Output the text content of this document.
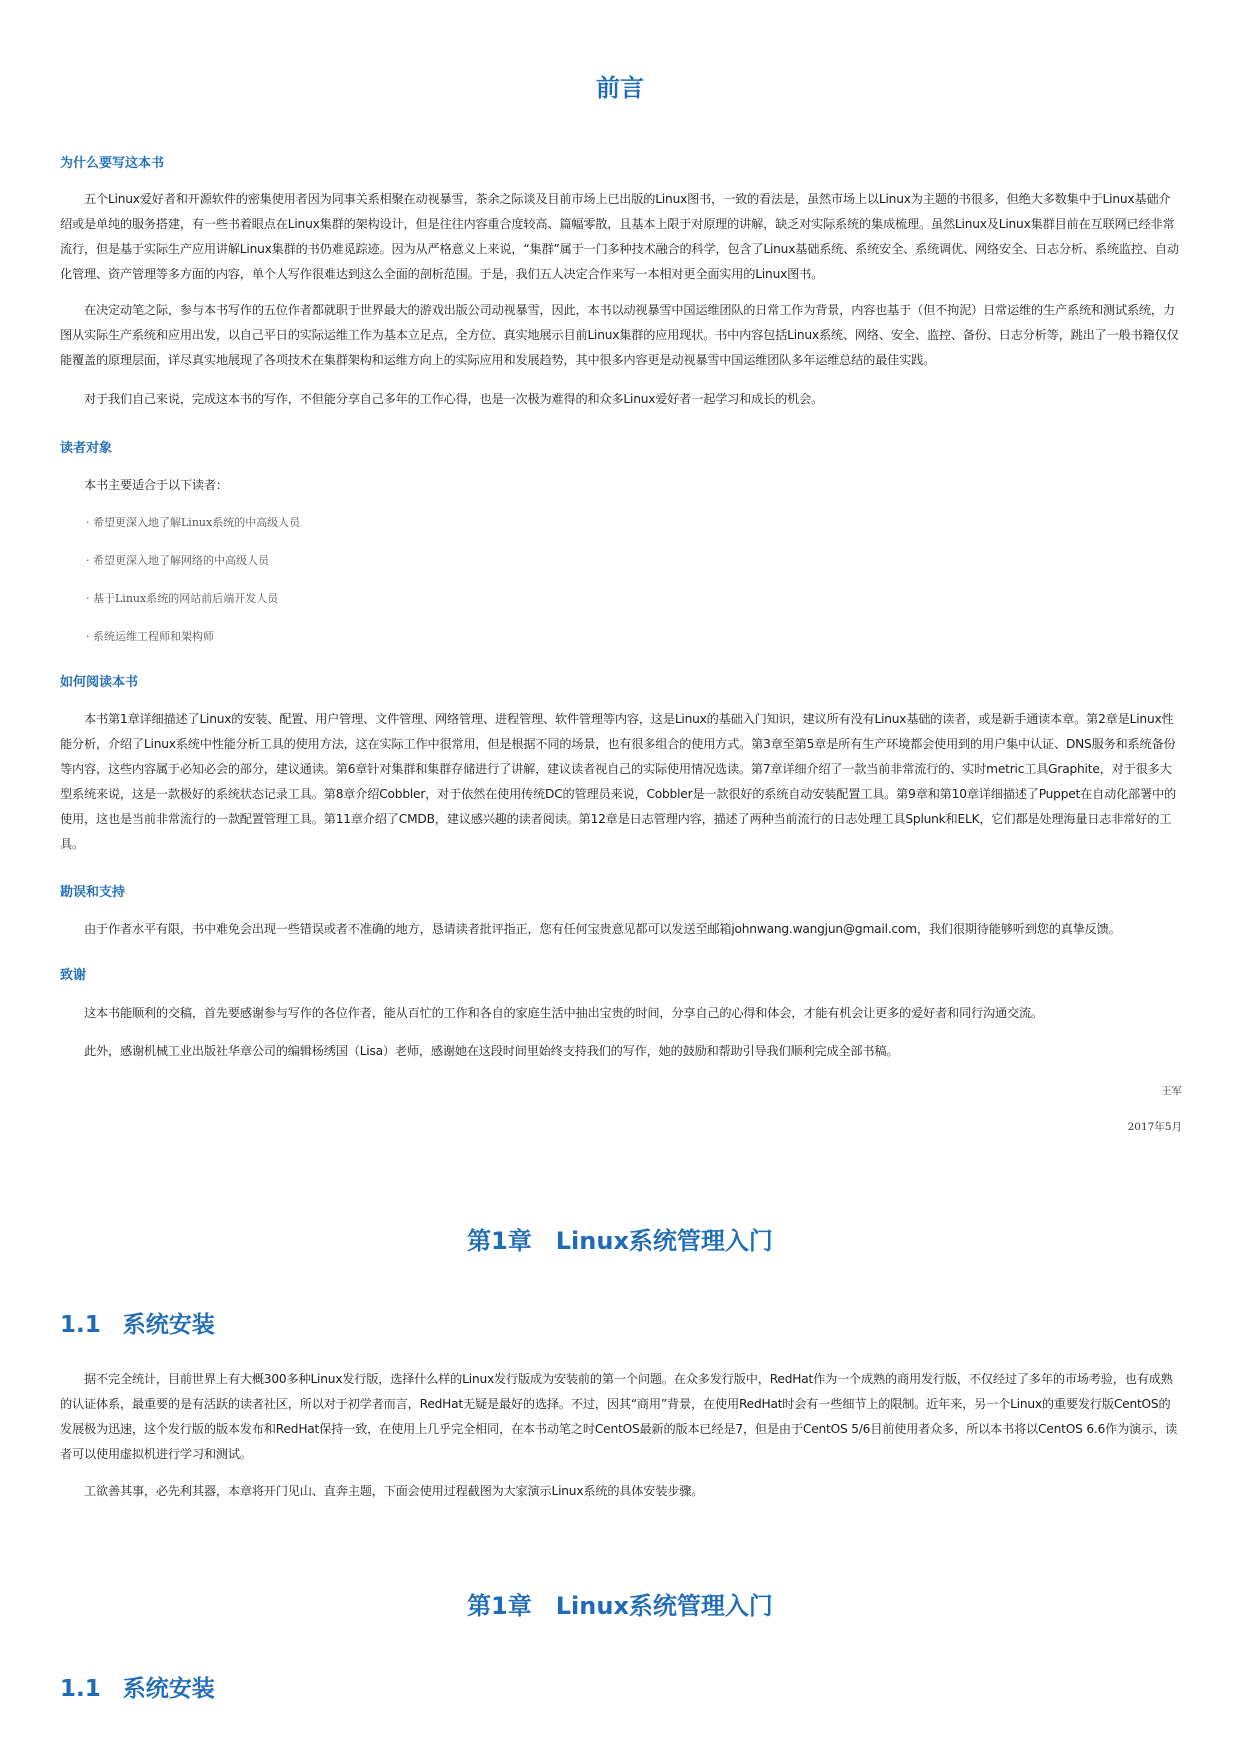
前言
为什么要写这本书

五个Linux爱好者和开源软件的密集使用者因为同事关系相聚在动视暴雪，茶余之际谈及目前市场上已出版的Linux图书，一致的看法是，虽然市场上以Linux为主题的书很多，但绝大多数集中于Linux基础介绍或是单纯的服务搭建，有一些书着眼点在Linux集群的架构设计，但是往往内容重合度较高、篇幅零散，且基本上限于对原理的讲解，缺乏对实际系统的集成梳理。虽然Linux及Linux集群目前在互联网已经非常流行，但是基于实际生产应用讲解Linux集群的书仍难觅踪迹。因为从严格意义上来说，“集群”属于一门多种技术融合的科学，包含了Linux基础系统、系统安全、系统调优、网络安全、日志分析、系统监控、自动化管理、资产管理等多方面的内容，单个人写作很难达到这么全面的剖析范围。于是，我们五人决定合作来写一本相对更全面实用的Linux图书。

在决定动笔之际，参与本书写作的五位作者都就职于世界最大的游戏出版公司动视暴雪，因此，本书以动视暴雪中国运维团队的日常工作为背景，内容也基于（但不拘泥）日常运维的生产系统和测试系统，力图从实际生产系统和应用出发，以自己平日的实际运维工作为基本立足点，全方位、真实地展示目前Linux集群的应用现状。书中内容包括Linux系统、网络、安全、监控、备份、日志分析等，跳出了一般书籍仅仅能覆盖的原理层面，详尽真实地展现了各项技术在集群架构和运维方向上的实际应用和发展趋势，其中很多内容更是动视暴雪中国运维团队多年运维总结的最佳实践。

对于我们自己来说，完成这本书的写作，不但能分享自己多年的工作心得，也是一次极为难得的和众多Linux爱好者一起学习和成长的机会。

读者对象

本书主要适合于以下读者：

· 希望更深入地了解Linux系统的中高级人员
· 希望更深入地了解网络的中高级人员
· 基于Linux系统的网站前后端开发人员
· 系统运维工程师和架构师
如何阅读本书

本书第1章详细描述了Linux的安装、配置、用户管理、文件管理、网络管理、进程管理、软件管理等内容，这是Linux的基础入门知识，建议所有没有Linux基础的读者，或是新手通读本章。第2章是Linux性能分析，介绍了Linux系统中性能分析工具的使用方法，这在实际工作中很常用，但是根据不同的场景，也有很多组合的使用方式。第3章至第5章是所有生产环境都会使用到的用户集中认证、DNS服务和系统备份等内容，这些内容属于必知必会的部分，建议通读。第6章针对集群和集群存储进行了讲解，建议读者视自己的实际使用情况选读。第7章详细介绍了一款当前非常流行的、实时metric工具Graphite，对于很多大型系统来说，这是一款极好的系统状态记录工具。第8章介绍Cobbler，对于依然在使用传统DC的管理员来说，Cobbler是一款很好的系统自动安装配置工具。第9章和第10章详细描述了Puppet在自动化部署中的使用，这也是当前非常流行的一款配置管理工具。第11章介绍了CMDB，建议感兴趣的读者阅读。第12章是日志管理内容，描述了两种当前流行的日志处理工具Splunk和ELK，它们都是处理海量日志非常好的工具。

勘误和支持

由于作者水平有限，书中难免会出现一些错误或者不准确的地方，恳请读者批评指正，您有任何宝贵意见都可以发送至邮箱johnwang.wangjun@gmail.com，我们很期待能够听到您的真挚反馈。

致谢

这本书能顺利的交稿，首先要感谢参与写作的各位作者，能从百忙的工作和各自的家庭生活中抽出宝贵的时间，分享自己的心得和体会，才能有机会让更多的爱好者和同行沟通交流。

此外，感谢机械工业出版社华章公司的编辑杨绣国（Lisa）老师，感谢她在这段时间里始终支持我们的写作，她的鼓励和帮助引导我们顺利完成全部书稿。

王军

2017年5月

第1章　Linux系统管理入门
1.1 系统安装

据不完全统计，目前世界上有大概300多种Linux发行版，选择什么样的Linux发行版成为安装前的第一个问题。在众多发行版中，RedHat作为一个成熟的商用发行版，不仅经过了多年的市场考验，也有成熟的认证体系，最重要的是有活跃的读者社区，所以对于初学者而言，RedHat无疑是最好的选择。不过，因其“商用”背景，在使用RedHat时会有一些细节上的限制。近年来，另一个Linux的重要发行版CentOS的发展极为迅速，这个发行版的版本发布和RedHat保持一致，在使用上几乎完全相同，在本书动笔之时CentOS最新的版本已经是7，但是由于CentOS 5/6目前使用者众多，所以本书将以CentOS 6.6作为演示，读者可以使用虚拟机进行学习和测试。

工欲善其事，必先利其器，本章将开门见山、直奔主题，下面会使用过程截图为大家演示Linux系统的具体安装步骤。

第1章　Linux系统管理入门
1.1 系统安装
